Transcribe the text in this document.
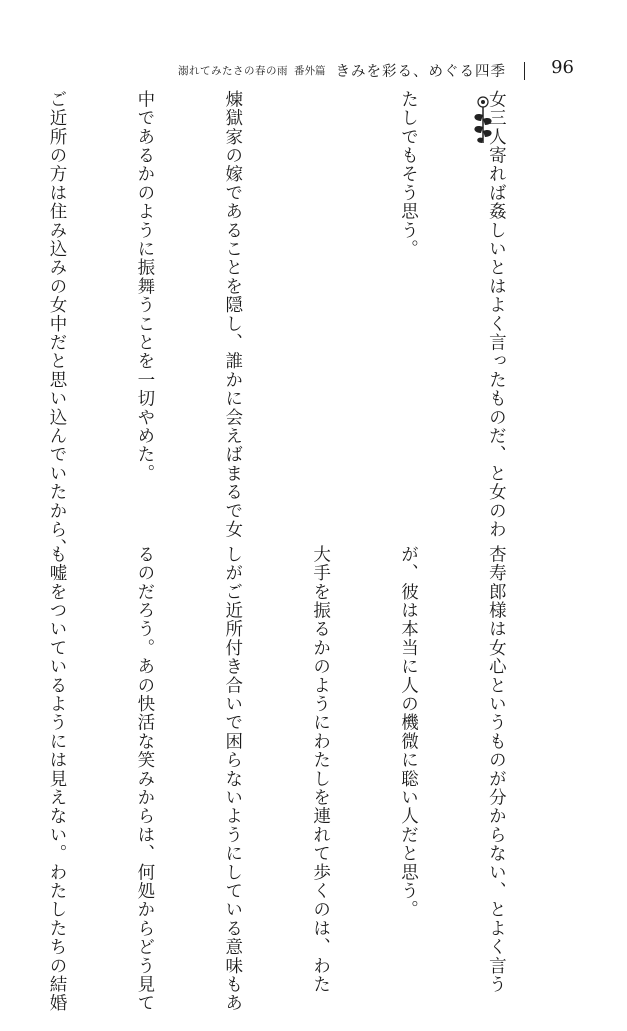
溺れてみたさの春の雨 番外篇 きみを彩る、めぐる四季	96

女三人寄れば姦しいとはよく言ったものだ、と女のわ

たしでもそう思う。

煉獄家の嫁であることを隠し、誰かに会えばまるで女

中であるかのように振舞うことを一切やめた。

ご近所の方は住み込みの女中だと思い込んでいたから、

杏寿郎様は女心というものが分からない、とよく言う

が、彼は本当に人の機微に聡い人だと思う。

大手を振るかのようにわたしを連れて歩くのは、わた

しがご近所付き合いで困らないようにしている意味もあ

るのだろう。あの快活な笑みからは、何処からどう見て

も嘘をついているようには見えない。わたしたちの結婚
